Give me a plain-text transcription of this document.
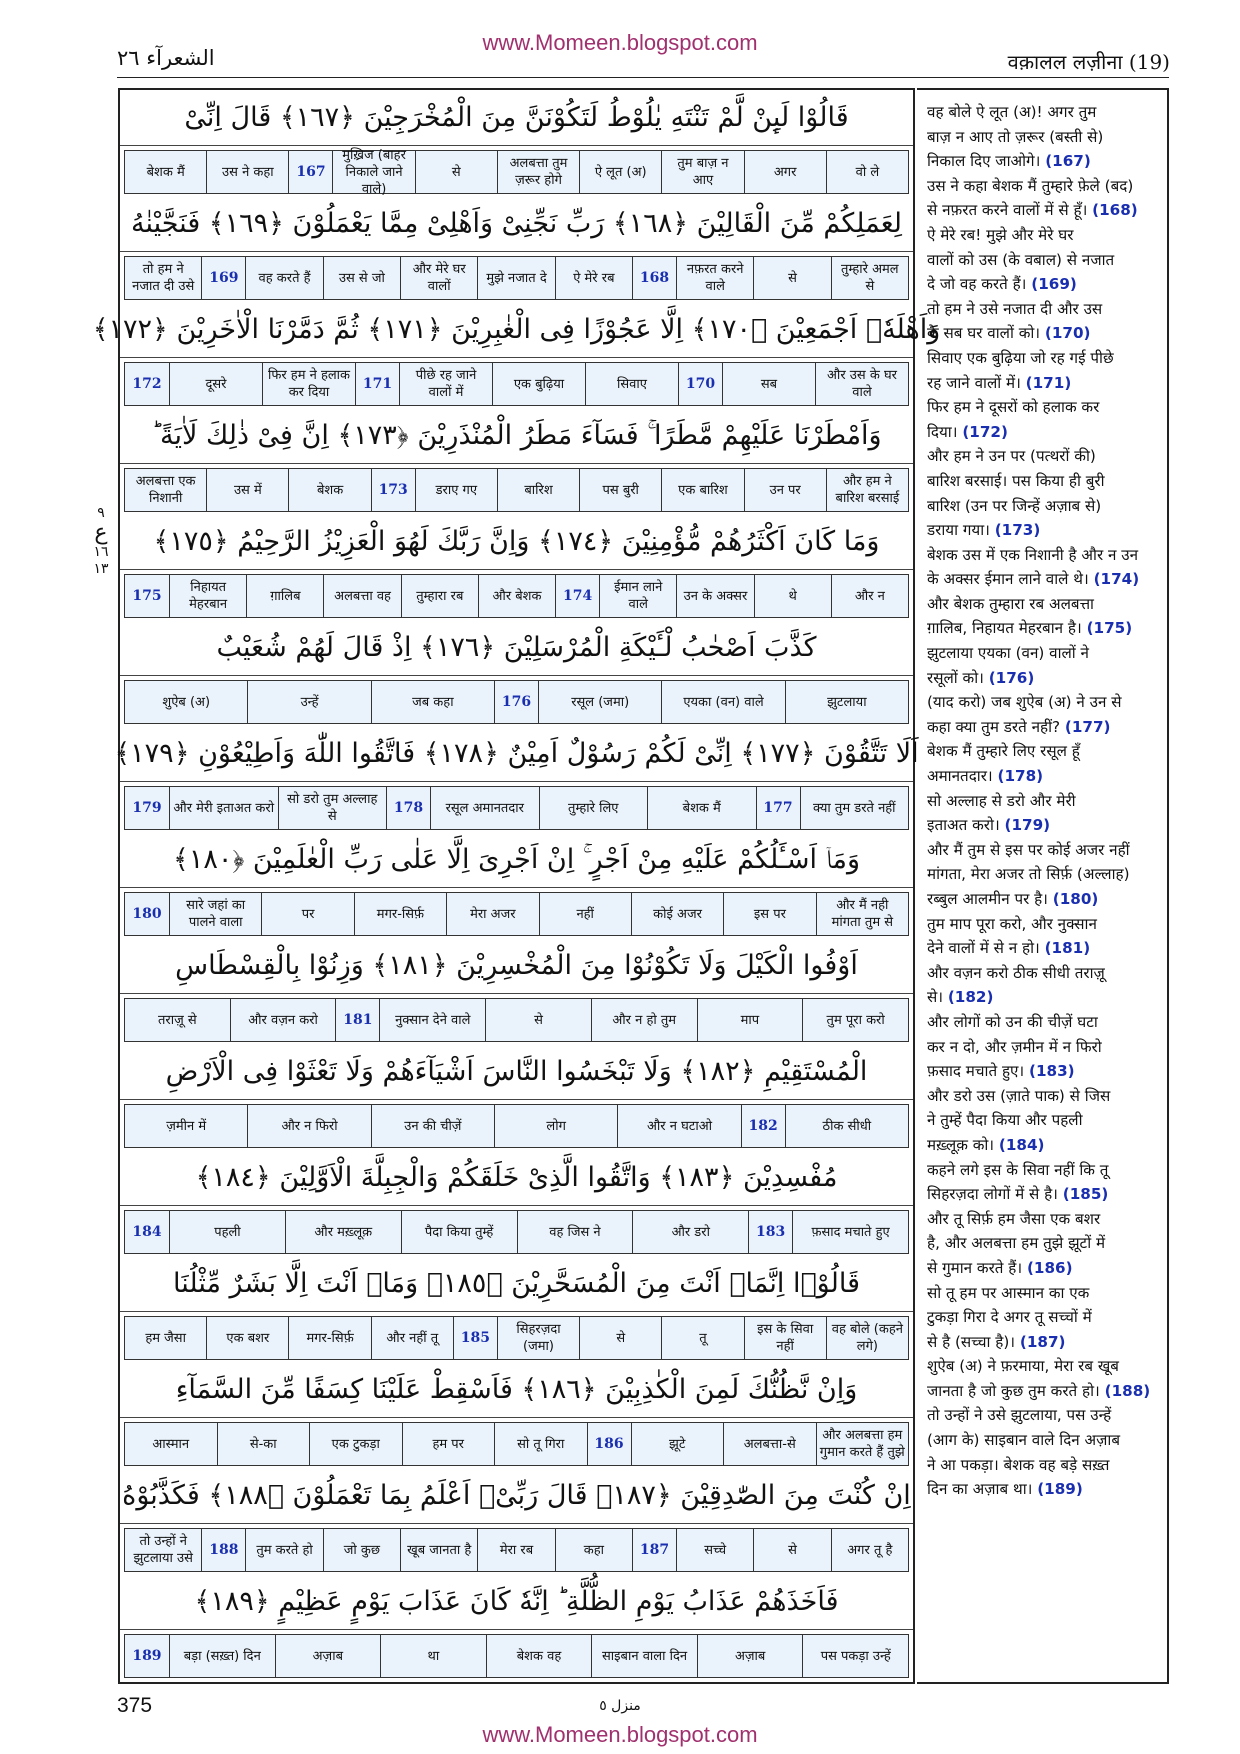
www.Momeen.blogspot.com
الشعرآء ٢٦	वक़ालल लज़ीना (19)
٩
ع
١٦
١٣
قَالُوْا لَىِٕنْ لَّمْ تَنْتَهِ يٰلُوْطُ لَتَكُوْنَنَّ مِنَ الْمُخْرَجِيْنَ ﴿١٦٧﴾ قَالَ اِنِّیْ
वो ले
अगर
तुम बाज़ न आए
ऐ लूत (अ)
अलबत्ता तुम ज़रूर होगे
से
मुख़्रिज (बाहर निकाले जाने वाले)
167
उस ने कहा
बेशक मैं
لِعَمَلِكُمْ مِّنَ الْقَالِيْنَ ﴿١٦٨﴾ رَبِّ نَجِّنِیْ وَاَهْلِیْ مِمَّا يَعْمَلُوْنَ ﴿١٦٩﴾ فَنَجَّيْنٰهُ
तुम्हारे अमल से
से
नफ़रत करने वाले
168
ऐ मेरे रब
मुझे नजात दे
और मेरे घर वालों
उस से जो
वह करते हैं
169
तो हम ने नजात दी उसे
وَاَهْلَهٗۤ اَجْمَعِيْنَ ﴿١٧٠﴾ اِلَّا عَجُوْزًا فِی الْغٰبِرِيْنَ ﴿١٧١﴾ ثُمَّ دَمَّرْنَا الْاٰخَرِيْنَ ﴿١٧٢﴾
और उस के घर वाले
सब
170
सिवाए
एक बुढ़िया
पीछे रह जाने वालों में
171
फिर हम ने हलाक कर दिया
दूसरे
172
وَاَمْطَرْنَا عَلَيْهِمْ مَّطَرًا ۚ فَسَآءَ مَطَرُ الْمُنْذَرِيْنَ ﴿١٧٣﴾ اِنَّ فِیْ ذٰلِكَ لَاٰيَةً ؕ
और हम ने बारिश बरसाई
उन पर
एक बारिश
पस बुरी
बारिश
डराए गए
173
बेशक
उस में
अलबत्ता एक निशानी
وَمَا كَانَ اَكْثَرُهُمْ مُّؤْمِنِيْنَ ﴿١٧٤﴾ وَاِنَّ رَبَّكَ لَهُوَ الْعَزِيْزُ الرَّحِيْمُ ﴿١٧٥﴾
और न
थे
उन के अक्सर
ईमान लाने वाले
174
और बेशक
तुम्हारा रब
अलबत्ता वह
ग़ालिब
निहायत मेहरबान
175
كَذَّبَ اَصْحٰبُ لْـَٔيْكَةِ الْمُرْسَلِيْنَ ﴿١٧٦﴾ اِذْ قَالَ لَهُمْ شُعَيْبٌ
झुटलाया
एयका (वन) वाले
रसूल (जमा)
176
जब कहा
उन्हें
शुऐब (अ)
اَلَا تَتَّقُوْنَ ﴿١٧٧﴾ اِنِّیْ لَكُمْ رَسُوْلٌ اَمِيْنٌ ﴿١٧٨﴾ فَاتَّقُوا اللّٰهَ وَاَطِيْعُوْنِ ﴿١٧٩﴾
क्या तुम डरते नहीं
177
बेशक मैं
तुम्हारे लिए
रसूल अमानतदार
178
सो डरो तुम अल्लाह से
और मेरी इताअत करो
179
وَمَاۤ اَسْـَٔلُكُمْ عَلَيْهِ مِنْ اَجْرٍ ۚ اِنْ اَجْرِیَ اِلَّا عَلٰی رَبِّ الْعٰلَمِيْنَ ﴿١٨٠﴾
और मैं नही मांगता तुम से
इस पर
कोई अजर
नहीं
मेरा अजर
मगर-सिर्फ़
पर
सारे जहां का पालने वाला
180
اَوْفُوا الْكَيْلَ وَلَا تَكُوْنُوْا مِنَ الْمُخْسِرِيْنَ ﴿١٨١﴾ وَزِنُوْا بِالْقِسْطَاسِ
तुम पूरा करो
माप
और न हो तुम
से
नुक्सान देने वाले
181
और वज़न करो
तराज़ू से
الْمُسْتَقِيْمِ ﴿١٨٢﴾ وَلَا تَبْخَسُوا النَّاسَ اَشْيَآءَهُمْ وَلَا تَعْثَوْا فِی الْاَرْضِ
ठीक सीधी
182
और न घटाओ
लोग
उन की चीज़ें
और न फिरो
ज़मीन में
مُفْسِدِيْنَ ﴿١٨٣﴾ وَاتَّقُوا الَّذِیْ خَلَقَكُمْ وَالْجِبِلَّةَ الْاَوَّلِيْنَ ﴿١٨٤﴾
फ़साद मचाते हुए
183
और डरो
वह जिस ने
पैदा किया तुम्हें
और मख़्लूक़
पहली
184
قَالُوْۤا اِنَّمَاۤ اَنْتَ مِنَ الْمُسَحَّرِيْنَ ﴿١٨٥﴾ وَمَاۤ اَنْتَ اِلَّا بَشَرٌ مِّثْلُنَا
वह बोले (कहने लगे)
इस के सिवा नहीं
तू
से
सिहरज़दा (जमा)
185
और नहीं तू
मगर-सिर्फ़
एक बशर
हम जैसा
وَاِنْ نَّظُنُّكَ لَمِنَ الْكٰذِبِيْنَ ﴿١٨٦﴾ فَاَسْقِطْ عَلَيْنَا كِسَفًا مِّنَ السَّمَآءِ
और अलबत्ता हम गुमान करते हैं तुझे
अलबत्ता-से
झूटे
186
सो तू गिरा
हम पर
एक टुकड़ा
से-का
आस्मान
اِنْ كُنْتَ مِنَ الصّٰدِقِيْنَ ﴿١٨٧﴾ قَالَ رَبِّیْۤ اَعْلَمُ بِمَا تَعْمَلُوْنَ ﴿١٨٨﴾ فَكَذَّبُوْهُ
अगर तू है
से
सच्चे
187
कहा
मेरा रब
खूब जानता है
जो कुछ
तुम करते हो
188
तो उन्हों ने झुटलाया उसे
فَاَخَذَهُمْ عَذَابُ يَوْمِ الظُّلَّةِ ؕ اِنَّهٗ كَانَ عَذَابَ يَوْمٍ عَظِيْمٍ ﴿١٨٩﴾
पस पकड़ा उन्हें
अज़ाब
साइबान वाला दिन
बेशक वह
था
अज़ाब
बड़ा (सख़्त) दिन
189
वह बोले ऐ लूत (अ)! अगर तुम
बाज़ न आए तो ज़रूर (बस्ती से)
निकाल दिए जाओगे। (167)
उस ने कहा बेशक मैं तुम्हारे फ़ेले (बद)
से नफ़रत करने वालों में से हूँ। (168)
ऐ मेरे रब! मुझे और मेरे घर
वालों को उस (के वबाल) से नजात
दे जो वह करते हैं। (169)
तो हम ने उसे नजात दी और उस
के सब घर वालों को। (170)
सिवाए एक बुढ़िया जो रह गई पीछे
रह जाने वालों में। (171)
फिर हम ने दूसरों को हलाक कर
दिया। (172)
और हम ने उन पर (पत्थरों की)
बारिश बरसाई। पस किया ही बुरी
बारिश (उन पर जिन्हें अज़ाब से)
डराया गया। (173)
बेशक उस में एक निशानी है और न उन
के अक्सर ईमान लाने वाले थे। (174)
और बेशक तुम्हारा रब अलबत्ता
ग़ालिब, निहायत मेहरबान है। (175)
झुटलाया एयका (वन) वालों ने
रसूलों को। (176)
(याद करो) जब शुऐब (अ) ने उन से
कहा क्या तुम डरते नहीं? (177)
बेशक मैं तुम्हारे लिए रसूल हूँ
अमानतदार। (178)
सो अल्लाह से डरो और मेरी
इताअत करो। (179)
और मैं तुम से इस पर कोई अजर नहीं
मांगता, मेरा अजर तो सिर्फ़ (अल्लाह)
रब्बुल आलमीन पर है। (180)
तुम माप पूरा करो, और नुक्सान
देने वालों में से न हो। (181)
और वज़न करो ठीक सीधी तराज़ू
से। (182)
और लोगों को उन की चीज़ें घटा
कर न दो, और ज़मीन में न फिरो
फ़साद मचाते हुए। (183)
और डरो उस (ज़ाते पाक) से जिस
ने तुम्हें पैदा किया और पहली
मख़्लूक़ को। (184)
कहने लगे इस के सिवा नहीं कि तू
सिहरज़दा लोगों में से है। (185)
और तू सिर्फ़ हम जैसा एक बशर
है, और अलबत्ता हम तुझे झूटों में
से गुमान करते हैं। (186)
सो तू हम पर आस्मान का एक
टुकड़ा गिरा दे अगर तू सच्चों में
से है (सच्चा है)। (187)
शुऐब (अ) ने फ़रमाया, मेरा रब खूब
जानता है जो कुछ तुम करते हो। (188)
तो उन्हों ने उसे झुटलाया, पस उन्हें
(आग के) साइबान वाले दिन अज़ाब
ने आ पकड़ा। बेशक वह बड़े सख़्त
दिन का अज़ाब था। (189)
375	منزل ٥
www.Momeen.blogspot.com
